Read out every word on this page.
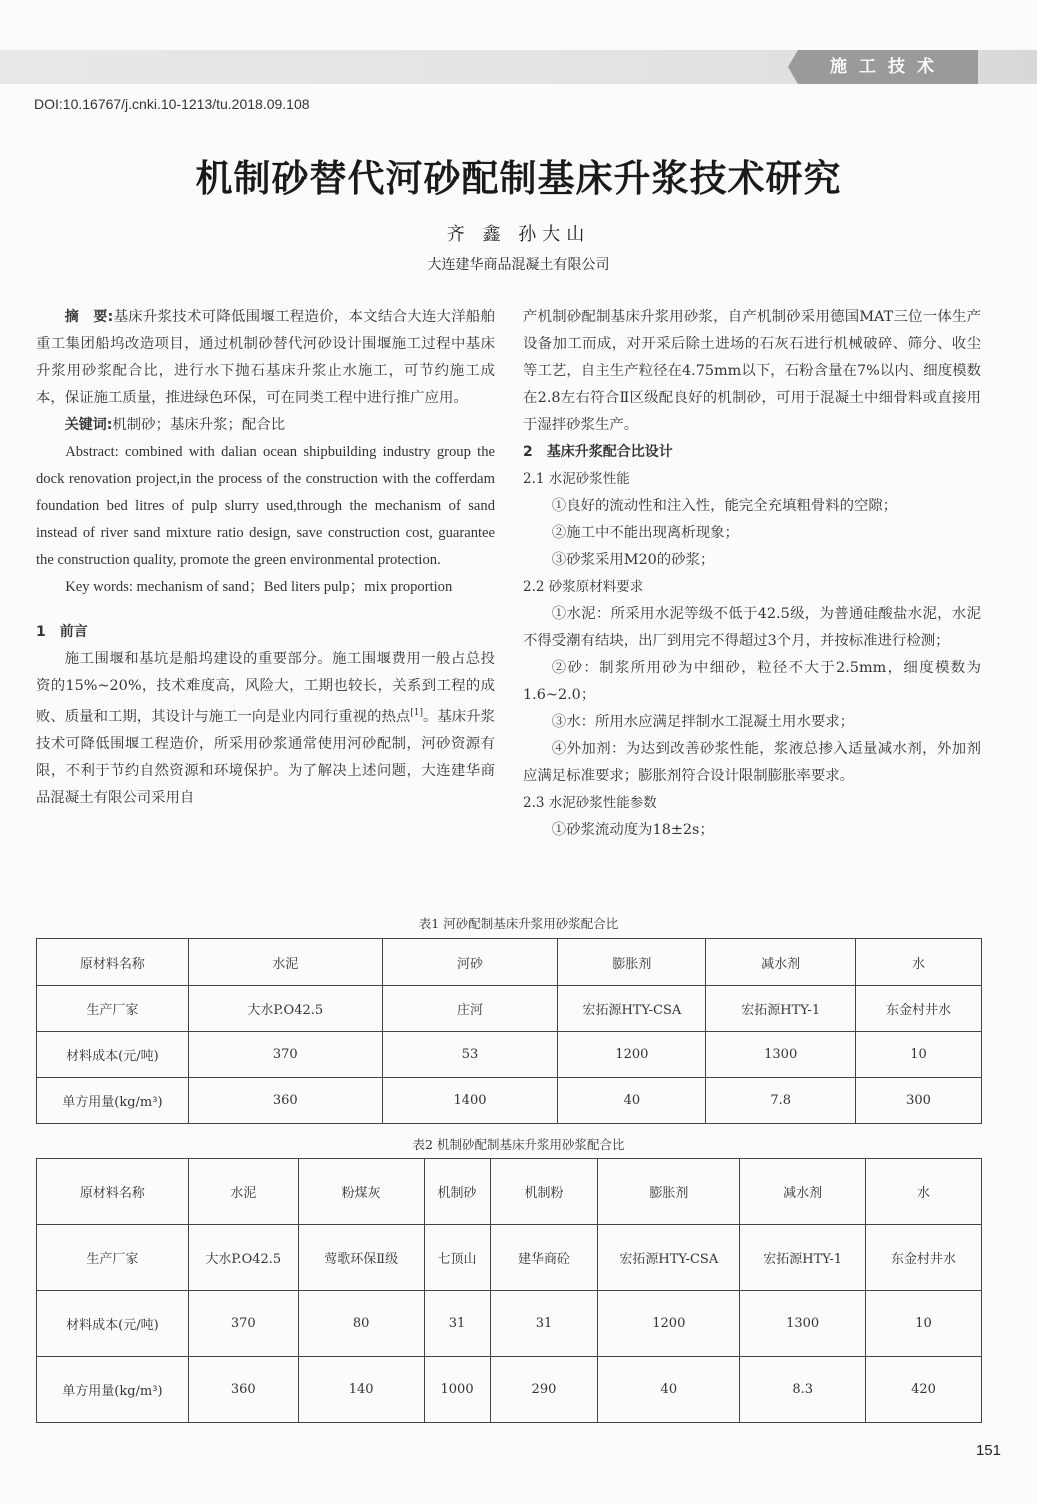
施工技术
DOI:10.16767/j.cnki.10-1213/tu.2018.09.108
机制砂替代河砂配制基床升浆技术研究
齐 鑫 孙大山
大连建华商品混凝土有限公司

摘　要:基床升浆技术可降低围堰工程造价，本文结合大连大洋船舶重工集团船坞改造项目，通过机制砂替代河砂设计围堰施工过程中基床升浆用砂浆配合比，进行水下抛石基床升浆止水施工，可节约施工成本，保证施工质量，推进绿色环保，可在同类工程中进行推广应用。

关键词:机制砂；基床升浆；配合比

Abstract: combined with dalian ocean shipbuilding industry group the dock renovation project,in the process of the construction with the cofferdam foundation bed litres of pulp slurry used,through the mechanism of sand instead of river sand mixture ratio design, save construction cost, guarantee the construction quality, promote the green environmental protection.

Key words: mechanism of sand；Bed liters pulp；mix proportion

1　前言

施工围堰和基坑是船坞建设的重要部分。施工围堰费用一般占总投资的15%~20%，技术难度高，风险大，工期也较长，关系到工程的成败、质量和工期，其设计与施工一向是业内同行重视的热点[1]。基床升浆技术可降低围堰工程造价，所采用砂浆通常使用河砂配制，河砂资源有限，不利于节约自然资源和环境保护。为了解决上述问题，大连建华商品混凝土有限公司采用自

产机制砂配制基床升浆用砂浆，自产机制砂采用德国MAT三位一体生产设备加工而成，对开采后除土进场的石灰石进行机械破碎、筛分、收尘等工艺，自主生产粒径在4.75mm以下，石粉含量在7%以内、细度模数在2.8左右符合Ⅱ区级配良好的机制砂，可用于混凝土中细骨料或直接用于湿拌砂浆生产。

2　基床升浆配合比设计

2.1 水泥砂浆性能

①良好的流动性和注入性，能完全充填粗骨料的空隙；

②施工中不能出现离析现象；

③砂浆采用M20的砂浆；

2.2 砂浆原材料要求

①水泥：所采用水泥等级不低于42.5级，为普通硅酸盐水泥，水泥不得受潮有结块，出厂到用完不得超过3个月，并按标准进行检测；

②砂：制浆所用砂为中细砂，粒径不大于2.5mm，细度模数为1.6~2.0；

③水：所用水应满足拌制水工混凝土用水要求；

④外加剂：为达到改善砂浆性能，浆液总掺入适量减水剂，外加剂应满足标准要求；膨胀剂符合设计限制膨胀率要求。

2.3 水泥砂浆性能参数

①砂浆流动度为18±2s；

表1 河砂配制基床升浆用砂浆配合比
原材料名称	水泥	河砂	膨胀剂	减水剂	水
生产厂家	大水P.O42.5	庄河	宏拓源HTY-CSA	宏拓源HTY-1	东金村井水
材料成本(元/吨)	370	53	1200	1300	10
单方用量(kg/m³)	360	1400	40	7.8	300
表2 机制砂配制基床升浆用砂浆配合比
原材料名称	水泥	粉煤灰	机制砂	机制粉	膨胀剂	减水剂	水
生产厂家	大水P.O42.5	莺歌环保Ⅱ级	七顶山	建华商砼	宏拓源HTY-CSA	宏拓源HTY-1	东金村井水
材料成本(元/吨)	370	80	31	31	1200	1300	10
单方用量(kg/m³)	360	140	1000	290	40	8.3	420
151
